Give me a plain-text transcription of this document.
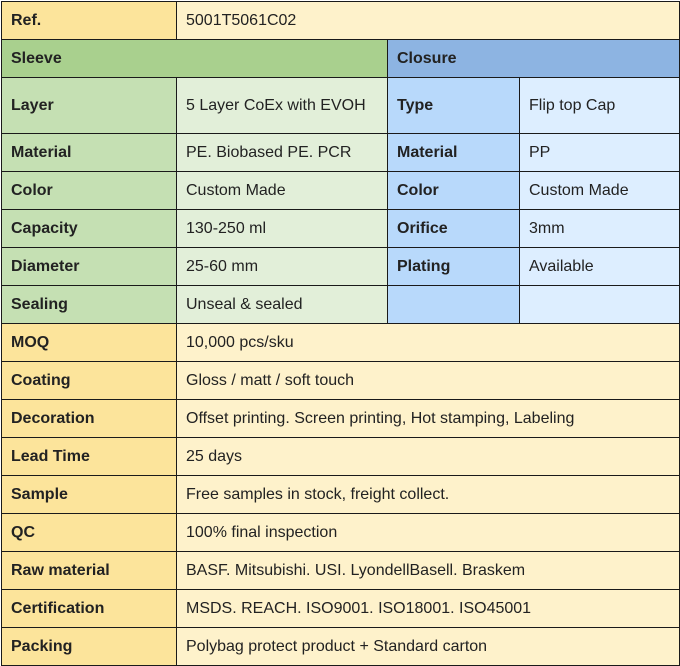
Ref.	5001T5061C02		
Sleeve		Closure	
Layer	5 Layer CoEx with EVOH	Type	Flip top Cap
Material	PE. Biobased PE. PCR	Material	PP
Color	Custom Made	Color	Custom Made
Capacity	130-250 ml	Orifice	3mm
Diameter	25-60 mm	Plating	Available
Sealing	Unseal & sealed		
MOQ	10,000 pcs/sku		
Coating	Gloss / matt / soft touch		
Decoration	Offset printing. Screen printing, Hot stamping, Labeling		
Lead Time	25 days		
Sample	Free samples in stock, freight collect.		
QC	100% final inspection		
Raw material	BASF. Mitsubishi. USI. LyondellBasell. Braskem		
Certification	MSDS. REACH. ISO9001. ISO18001. ISO45001		
Packing	Polybag protect product + Standard carton		
